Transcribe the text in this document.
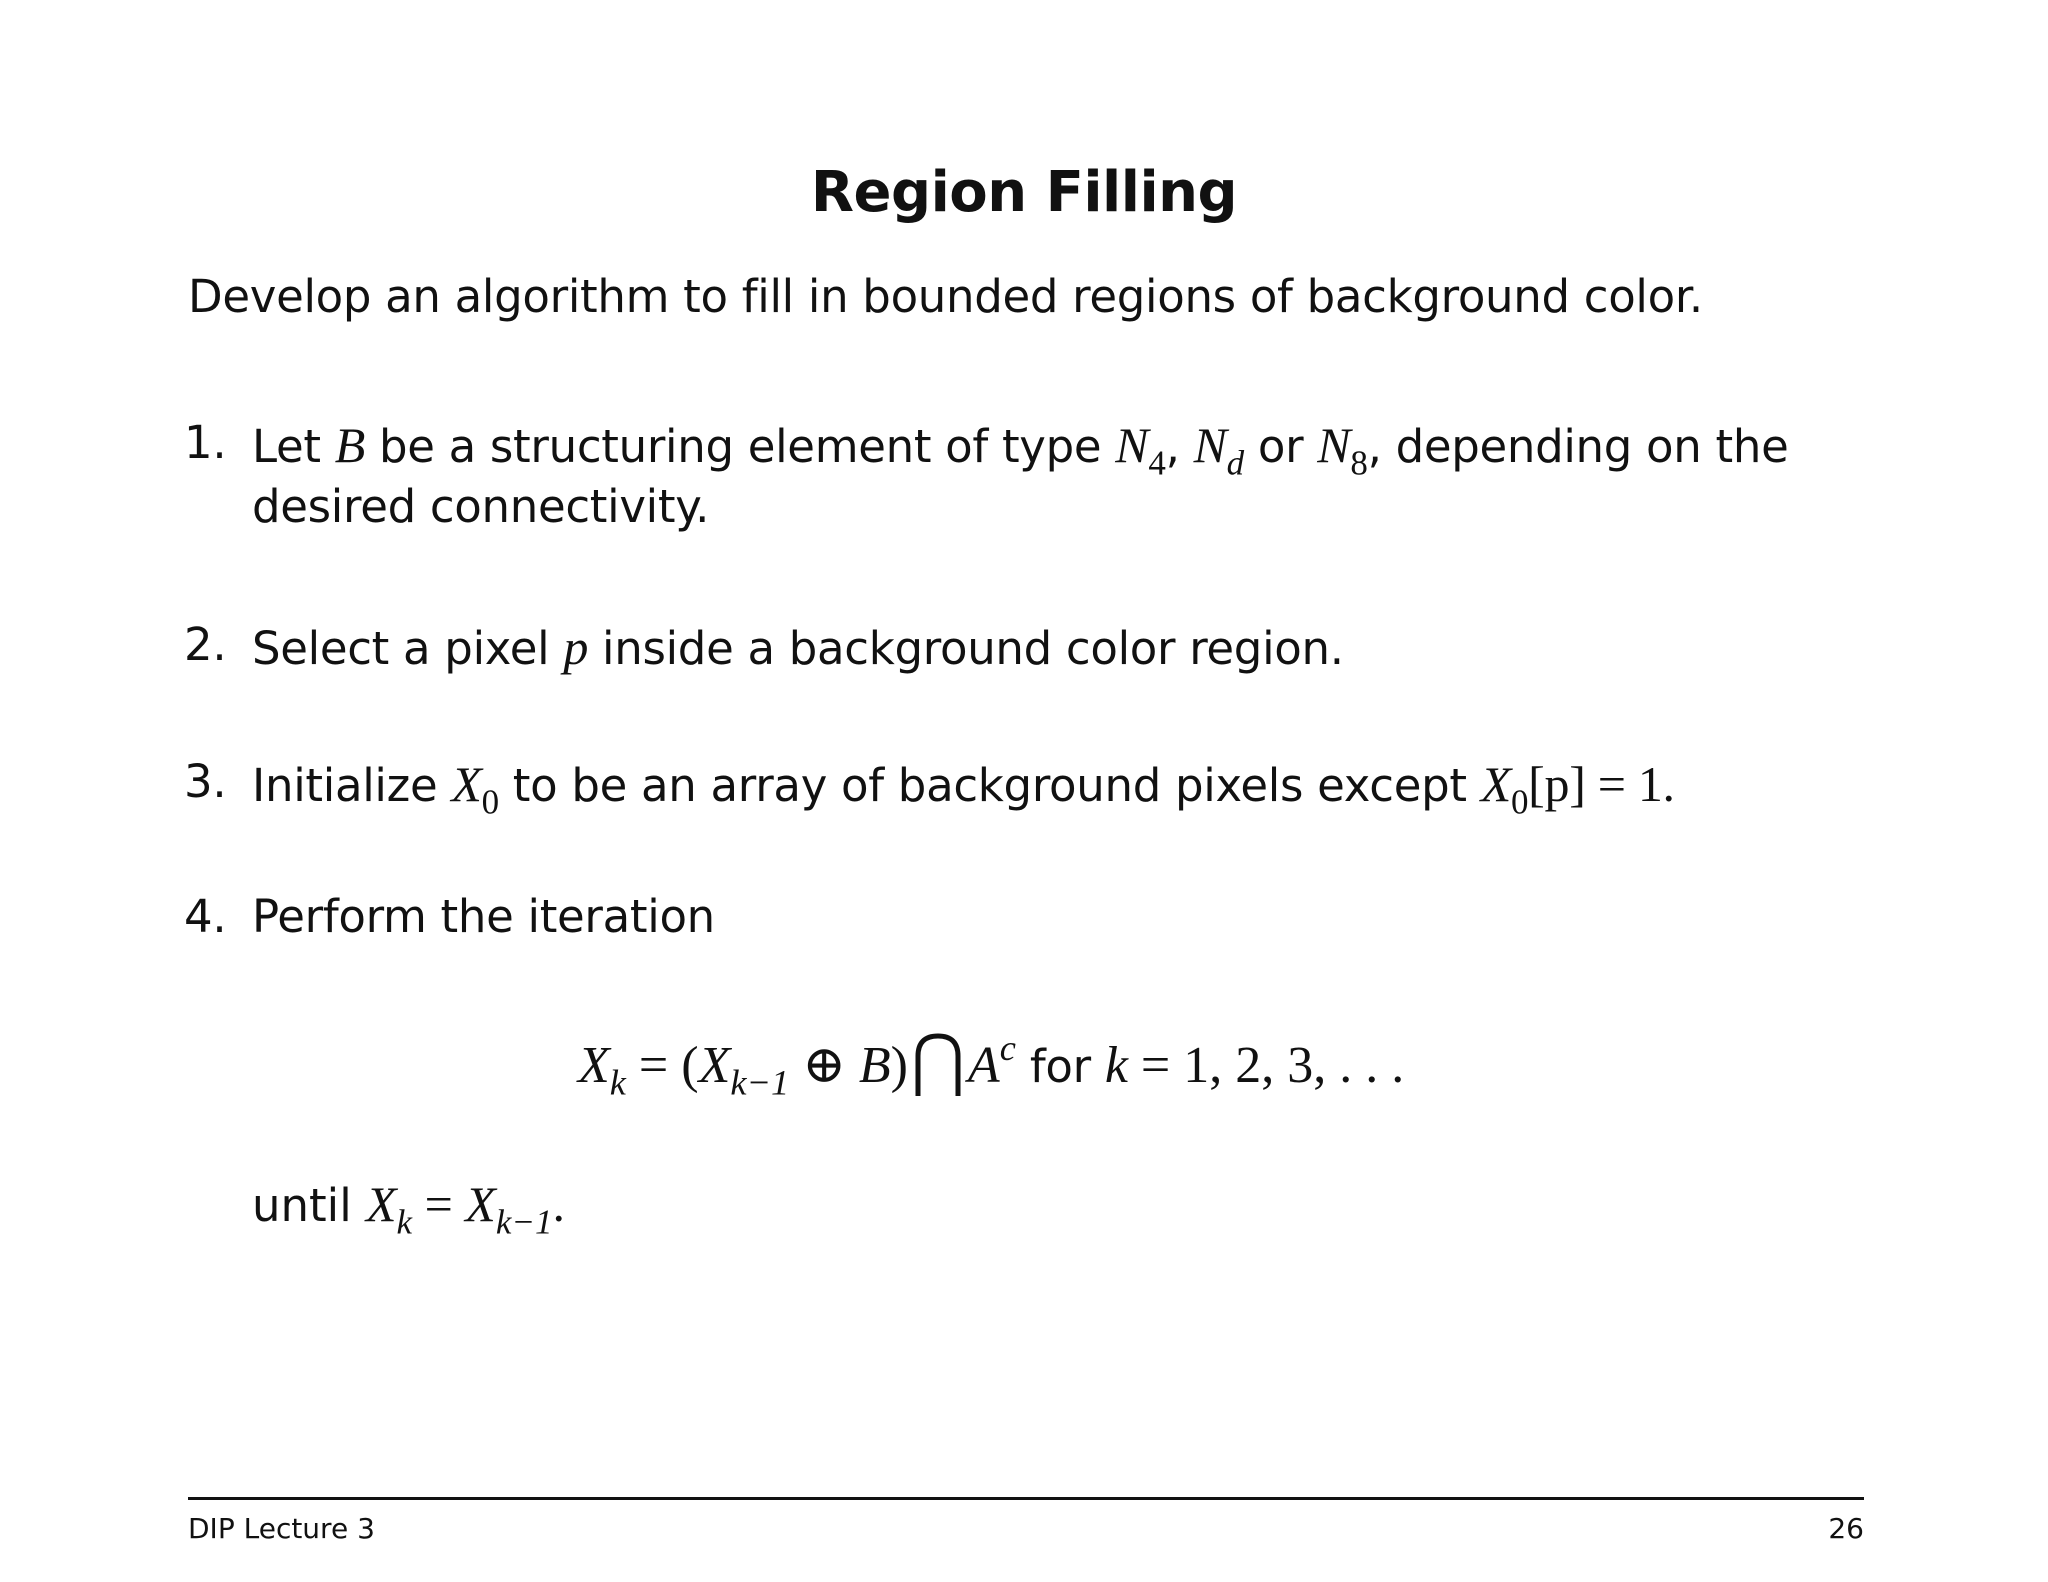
Region Filling
Develop an algorithm to fill in bounded regions of background color.
1. Let B be a structuring element of type $N_4$, $N_d$ or $N_8$, depending on the
desired connectivity.
2. Select a pixel p inside a background color region.
3. Initialize $X_0$ to be an array of background pixels except $X_0[p] = 1$.
4. Perform the iteration
$X_k = (X_{k-1}$ ⊕ B) $A^c$ for k = 1, 2, 3, . . .
until $X_k = X_{k-1}$.
DIP Lecture 3	26
